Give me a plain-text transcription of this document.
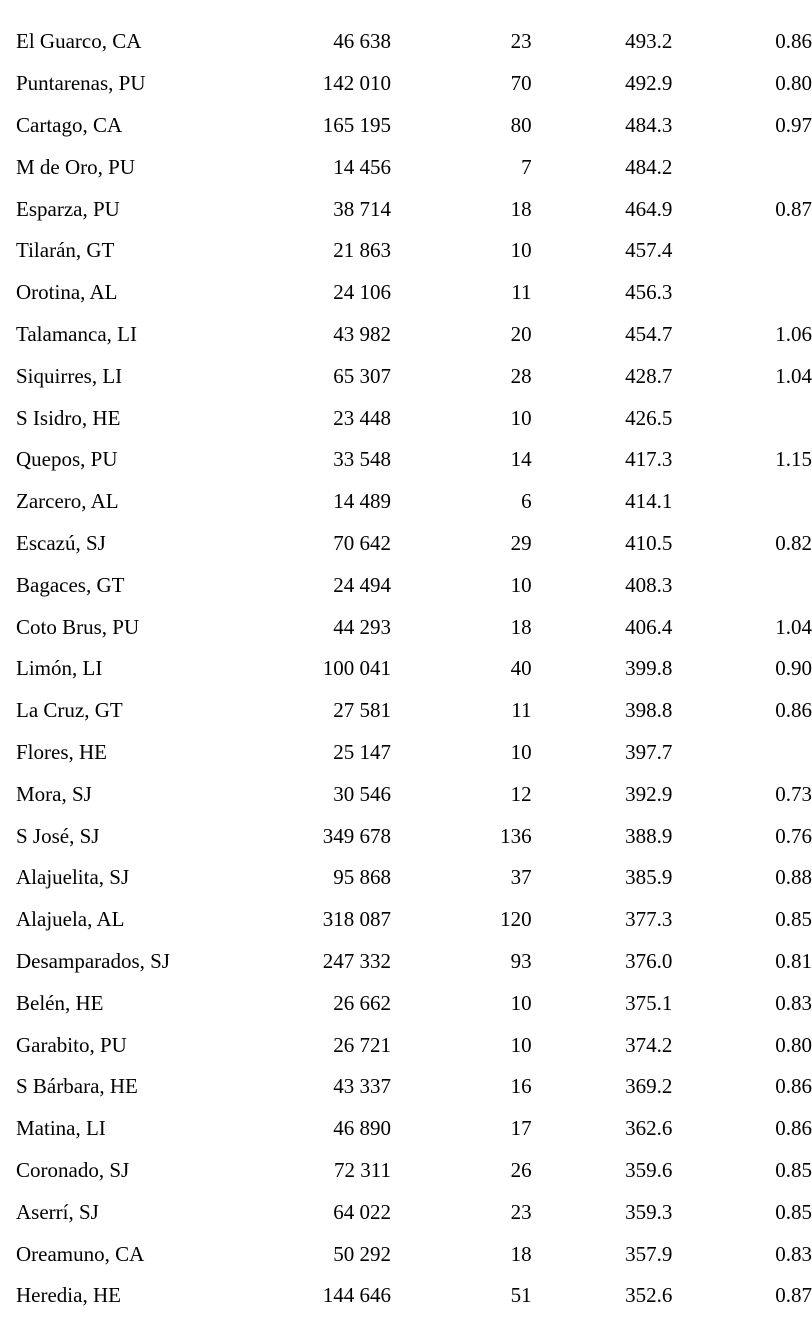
El Guarco, CA	46 638	23	493.2	0.86
Puntarenas, PU	142 010	70	492.9	0.80
Cartago, CA	165 195	80	484.3	0.97
M de Oro, PU	14 456	7	484.2	
Esparza, PU	38 714	18	464.9	0.87
Tilarán, GT	21 863	10	457.4	
Orotina, AL	24 106	11	456.3	
Talamanca, LI	43 982	20	454.7	1.06
Siquirres, LI	65 307	28	428.7	1.04
S Isidro, HE	23 448	10	426.5	
Quepos, PU	33 548	14	417.3	1.15
Zarcero, AL	14 489	6	414.1	
Escazú, SJ	70 642	29	410.5	0.82
Bagaces, GT	24 494	10	408.3	
Coto Brus, PU	44 293	18	406.4	1.04
Limón, LI	100 041	40	399.8	0.90
La Cruz, GT	27 581	11	398.8	0.86
Flores, HE	25 147	10	397.7	
Mora, SJ	30 546	12	392.9	0.73
S José, SJ	349 678	136	388.9	0.76
Alajuelita, SJ	95 868	37	385.9	0.88
Alajuela, AL	318 087	120	377.3	0.85
Desamparados, SJ	247 332	93	376.0	0.81
Belén, HE	26 662	10	375.1	0.83
Garabito, PU	26 721	10	374.2	0.80
S Bárbara, HE	43 337	16	369.2	0.86
Matina, LI	46 890	17	362.6	0.86
Coronado, SJ	72 311	26	359.6	0.85
Aserrí, SJ	64 022	23	359.3	0.85
Oreamuno, CA	50 292	18	357.9	0.83
Heredia, HE	144 646	51	352.6	0.87
